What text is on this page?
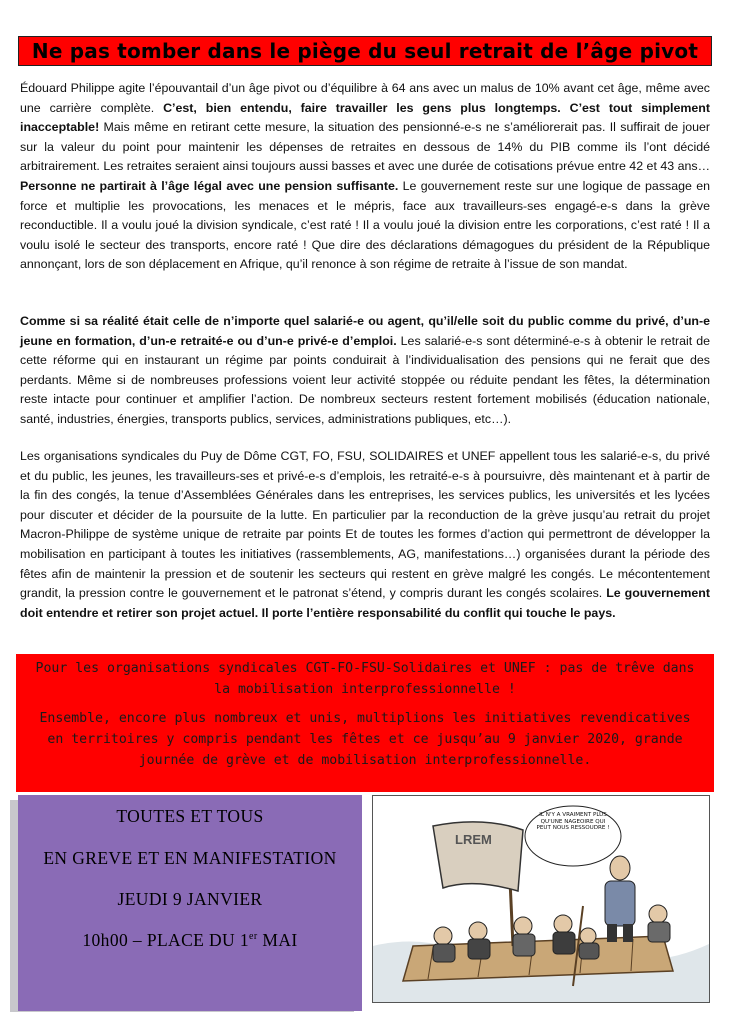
Ne pas tomber dans le piège du seul retrait de l’âge pivot
Édouard Philippe agite l’épouvantail d’un âge pivot ou d’équilibre à 64 ans avec un malus de 10% avant cet âge, même avec une carrière complète. C’est, bien entendu, faire travailler les gens plus longtemps. C’est tout simplement inacceptable! Mais même en retirant cette mesure, la situation des pensionné-e-s ne s’améliorerait pas. Il suffirait de jouer sur la valeur du point pour maintenir les dépenses de retraites en dessous de 14% du PIB comme ils l’ont décidé arbitrairement. Les retraites seraient ainsi toujours aussi basses et avec une durée de cotisations prévue entre 42 et 43 ans… Personne ne partirait à l’âge légal avec une pension suffisante. Le gouvernement reste sur une logique de passage en force et multiplie les provocations, les menaces et le mépris, face aux travailleurs-ses engagé-e-s dans la grève reconductible. Il a voulu joué la division syndicale, c’est raté ! Il a voulu joué la division entre les corporations, c’est raté ! Il a voulu isolé le secteur des transports, encore raté ! Que dire des déclarations démagogues du président de la République annonçant, lors de son déplacement en Afrique, qu’il renonce à son régime de retraite à l’issue de son mandat.
Comme si sa réalité était celle de n’importe quel salarié-e ou agent, qu’il/elle soit du public comme du privé, d’un-e jeune en formation, d’un-e retraité-e ou d’un-e privé-e d’emploi. Les salarié-e-s sont déterminé-e-s à obtenir le retrait de cette réforme qui en instaurant un régime par points conduirait à l’individualisation des pensions qui ne ferait que des perdants. Même si de nombreuses professions voient leur activité stoppée ou réduite pendant les fêtes, la détermination reste intacte pour continuer et amplifier l’action. De nombreux secteurs restent fortement mobilisés (éducation nationale, santé, industries, énergies, transports publics, services, administrations publiques, etc…).
Les organisations syndicales du Puy de Dôme CGT, FO, FSU, SOLIDAIRES et UNEF appellent tous les salarié-e-s, du privé et du public, les jeunes, les travailleurs-ses et privé-e-s d’emplois, les retraité-e-s à poursuivre, dès maintenant et à partir de la fin des congés, la tenue d’Assemblées Générales dans les entreprises, les services publics, les universités et les lycées pour discuter et décider de la poursuite de la lutte. En particulier par la reconduction de la grève jusqu’au retrait du projet Macron-Philippe de système unique de retraite par points Et de toutes les formes d’action qui permettront de développer la mobilisation en participant à toutes les initiatives (rassemblements, AG, manifestations…) organisées durant la période des fêtes afin de maintenir la pression et de soutenir les secteurs qui restent en grève malgré les congés. Le mécontentement grandit, la pression contre le gouvernement et le patronat s’étend, y compris durant les congés scolaires. Le gouvernement doit entendre et retirer son projet actuel. Il porte l’entière responsabilité du conflit qui touche le pays.

Pour les organisations syndicales CGT-FO-FSU-Solidaires et UNEF : pas de trêve dans la mobilisation interprofessionnelle !

Ensemble, encore plus nombreux et unis, multiplions les initiatives revendicatives en territoires y compris pendant les fêtes et ce jusqu’au 9 janvier 2020, grande journée de grève et de mobilisation interprofessionnelle.

TOUTES ET TOUS
EN GREVE ET EN MANIFESTATION
JEUDI 9 JANVIER
10h00 – PLACE DU 1er MAI
LREM
IL N'Y A VRAIMENT PLUS QU'UNE NAGEOIRE QUI PEUT NOUS RESSOUDRE !
